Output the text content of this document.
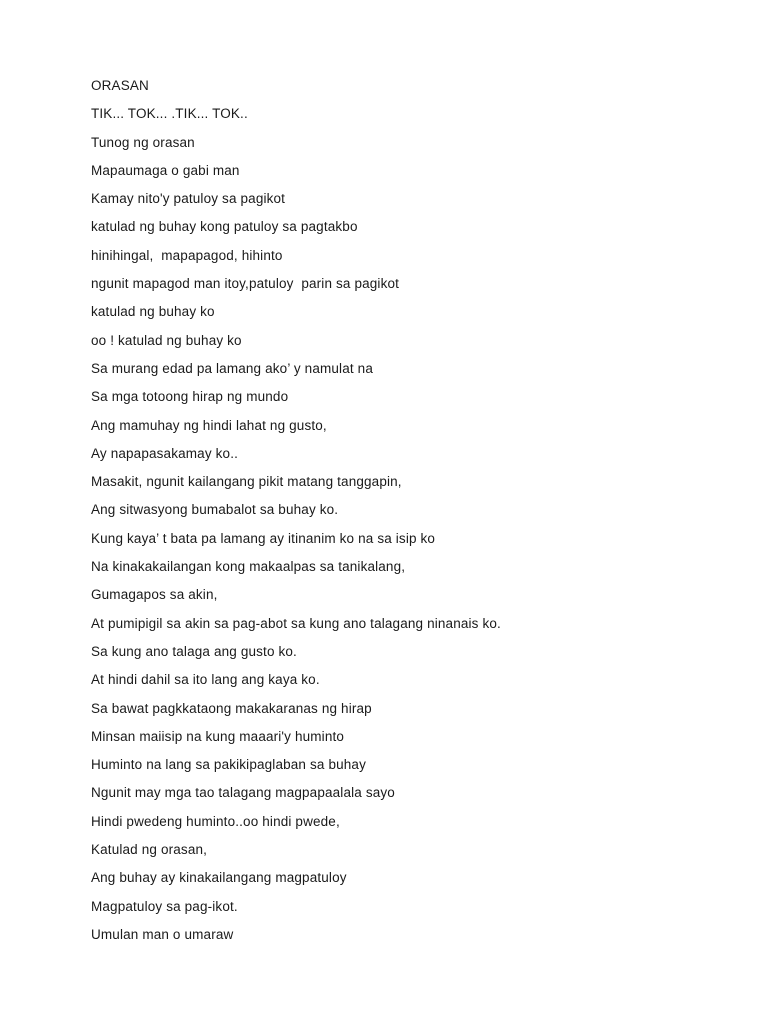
ORASAN
TIK... TOK... .TIK... TOK..
Tunog ng orasan
Mapaumaga o gabi man
Kamay nito'y patuloy sa pagikot
katulad ng buhay kong patuloy sa pagtakbo
hinihingal,  mapapagod, hihinto
ngunit mapagod man itoy,patuloy  parin sa pagikot
katulad ng buhay ko
oo ! katulad ng buhay ko
Sa murang edad pa lamang ako’ y namulat na
Sa mga totoong hirap ng mundo
Ang mamuhay ng hindi lahat ng gusto,
Ay napapasakamay ko..
Masakit, ngunit kailangang pikit matang tanggapin,
Ang sitwasyong bumabalot sa buhay ko.
Kung kaya’ t bata pa lamang ay itinanim ko na sa isip ko
Na kinakakailangan kong makaalpas sa tanikalang,
Gumagapos sa akin,
At pumipigil sa akin sa pag-abot sa kung ano talagang ninanais ko.
Sa kung ano talaga ang gusto ko.
At hindi dahil sa ito lang ang kaya ko.
Sa bawat pagkkataong makakaranas ng hirap
Minsan maiisip na kung maaari'y huminto
Huminto na lang sa pakikipaglaban sa buhay
Ngunit may mga tao talagang magpapaalala sayo
Hindi pwedeng huminto..oo hindi pwede,
Katulad ng orasan,
Ang buhay ay kinakailangang magpatuloy
Magpatuloy sa pag-ikot.
Umulan man o umaraw
